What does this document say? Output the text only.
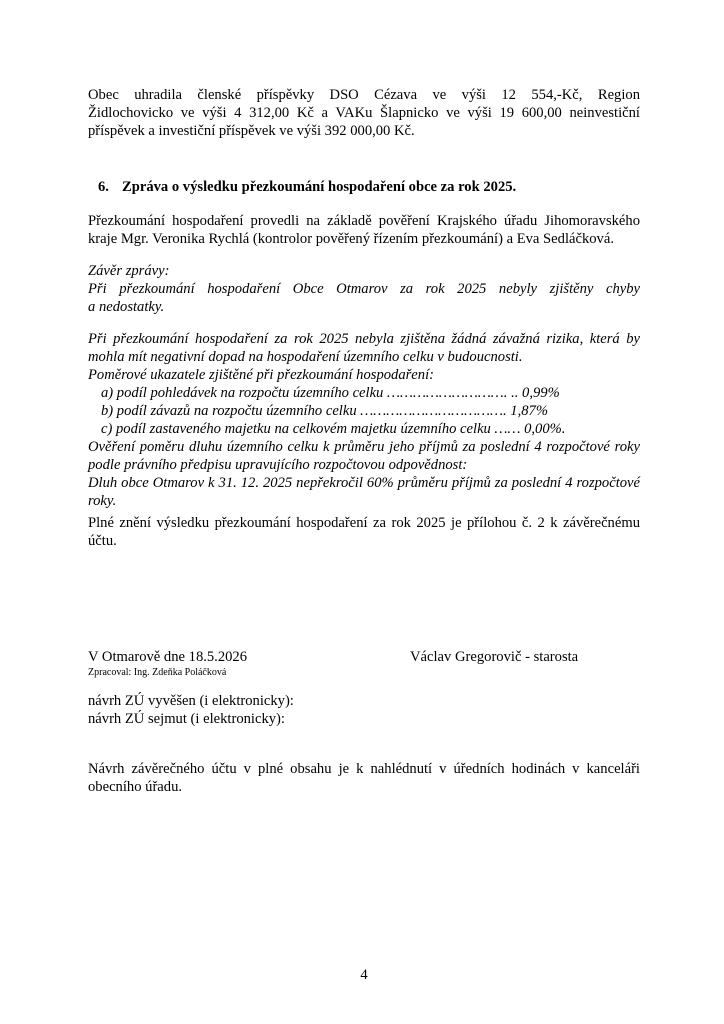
Obec uhradila členské příspěvky DSO Cézava ve výši 12 554,-Kč, Region
Židlochovicko ve výši 4 312,00 Kč a VAKu Šlapnicko ve výši 19 600,00 neinvestiční
příspěvek a investiční příspěvek ve výši 392 000,00 Kč.
6. Zpráva o výsledku přezkoumání hospodaření obce za rok 2025.
Přezkoumání hospodaření provedli na základě pověření Krajského úřadu Jihomoravského
kraje Mgr. Veronika Rychlá (kontrolor pověřený řízením přezkoumání) a Eva Sedláčková.
Závěr zprávy:
Při přezkoumání hospodaření Obce Otmarov za rok 2025 nebyly zjištěny chyby
a nedostatky.
Při přezkoumání hospodaření za rok 2025 nebyla zjištěna žádná závažná rizika, která by
mohla mít negativní dopad na hospodaření územního celku v budoucnosti.
Poměrové ukazatele zjištěné při přezkoumání hospodaření:
a) podíl pohledávek na rozpočtu územního celku ………………………. .. 0,99%
b) podíl závazů na rozpočtu územního celku ……………………………. 1,87%
c) podíl zastaveného majetku na celkovém majetku územního celku …… 0,00%.
Ověření poměru dluhu územního celku k průměru jeho příjmů za poslední 4 rozpočtové roky
podle právního předpisu upravujícího rozpočtovou odpovědnost:
Dluh obce Otmarov k 31. 12. 2025 nepřekročil 60% průměru příjmů za poslední 4 rozpočtové
roky.
Plné znění výsledku přezkoumání hospodaření za rok 2025 je přílohou č. 2 k závěrečnému
účtu.
V Otmarově dne 18.5.2026	Václav Gregorovič - starosta
Zpracoval: Ing. Zdeňka Poláčková
návrh ZÚ vyvěšen (i elektronicky):
návrh ZÚ sejmut (i elektronicky):
Návrh závěrečného účtu v plné obsahu je k nahlédnutí v úředních hodinách v kanceláři
obecního úřadu.
4
